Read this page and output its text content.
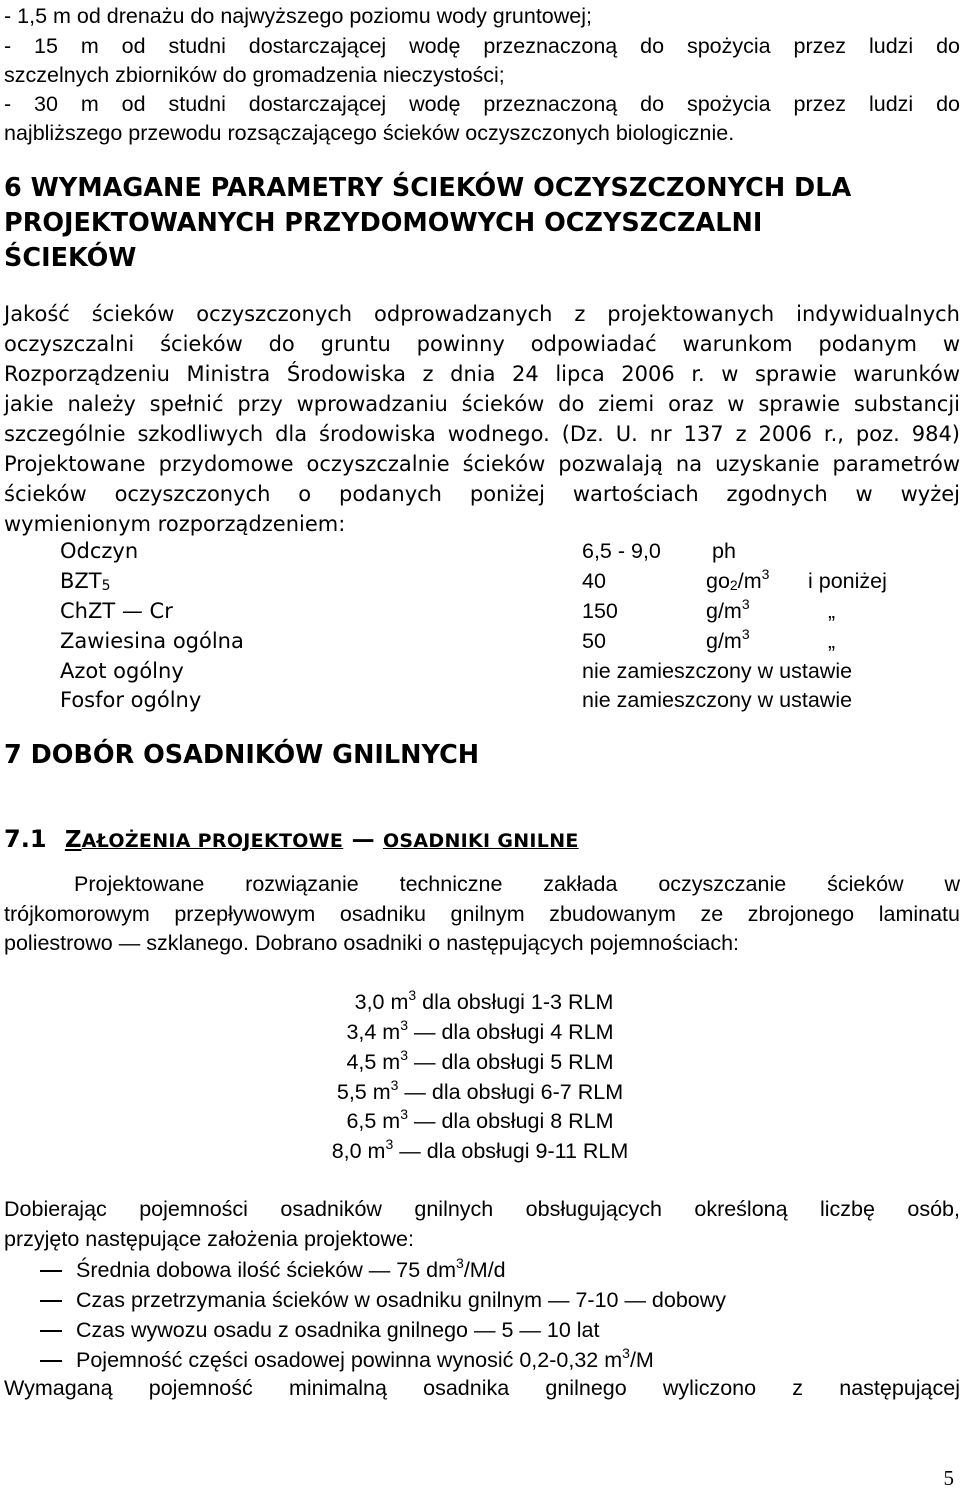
- 1,5 m od drenażu do najwyższego poziomu wody gruntowej;
- 15 m od studni dostarczającej wodę przeznaczoną do spożycia przez ludzi do
szczelnych zbiorników do gromadzenia nieczystości;
- 30 m od studni dostarczającej wodę przeznaczoną do spożycia przez ludzi do
najbliższego przewodu rozsączającego ścieków oczyszczonych biologicznie.
6 WYMAGANE PARAMETRY ŚCIEKÓW OCZYSZCZONYCH DLA
PROJEKTOWANYCH PRZYDOMOWYCH OCZYSZCZALNI
ŚCIEKÓW
Jakość ścieków oczyszczonych odprowadzanych z projektowanych indywidualnych
oczyszczalni ścieków do gruntu powinny odpowiadać warunkom podanym w
Rozporządzeniu Ministra Środowiska z dnia 24 lipca 2006 r. w sprawie warunków
jakie należy spełnić przy wprowadzaniu ścieków do ziemi oraz w sprawie substancji
szczególnie szkodliwych dla środowiska wodnego. (Dz. U. nr 137 z 2006 r., poz. 984)
Projektowane przydomowe oczyszczalnie ścieków pozwalają na uzyskanie parametrów
ścieków oczyszczonych o podanych poniżej wartościach zgodnych w wyżej
wymienionym rozporządzeniem:
Odczyn	6,5 - 9,0 ph
$BZT_5$	40	$go_2/m^3$ i poniżej
ChZT — Cr	150	$g/m^3$	„
Zawiesina ogólna	50	$g/m^3$	„
Azot ogólny	nie zamieszczony w ustawie
Fosfor ogólny	nie zamieszczony w ustawie
7 DOBÓR OSADNIKÓW GNILNYCH
7.1 ZAŁOŻENIA PROJEKTOWE — OSADNIKI GNILNE
Projektowane rozwiązanie techniczne zakłada oczyszczanie ścieków w
trójkomorowym przepływowym osadniku gnilnym zbudowanym ze zbrojonego laminatu
poliestrowo — szklanego. Dobrano osadniki o następujących pojemnościach:
3,0 $m^3$ dla obsługi 1-3 RLM
3,4 $m^3$ — dla obsługi 4 RLM
4,5 $m^3$ — dla obsługi 5 RLM
5,5 $m^3$ — dla obsługi 6-7 RLM
6,5 $m^3$ — dla obsługi 8 RLM
8,0 $m^3$ — dla obsługi 9-11 RLM
Dobierając pojemności osadników gnilnych obsługujących określoną liczbę osób,
przyjęto następujące założenia projektowe:
Średnia dobowa ilość ścieków — 75 $dm^3/M/d$
Czas przetrzymania ścieków w osadniku gnilnym — 7-10 — dobowy
Czas wywozu osadu z osadnika gnilnego — 5 — 10 lat
Pojemność części osadowej powinna wynosić 0,2-0,32 $m^3/M$
Wymaganą pojemność minimalną osadnika gnilnego wyliczono z następującej
5
